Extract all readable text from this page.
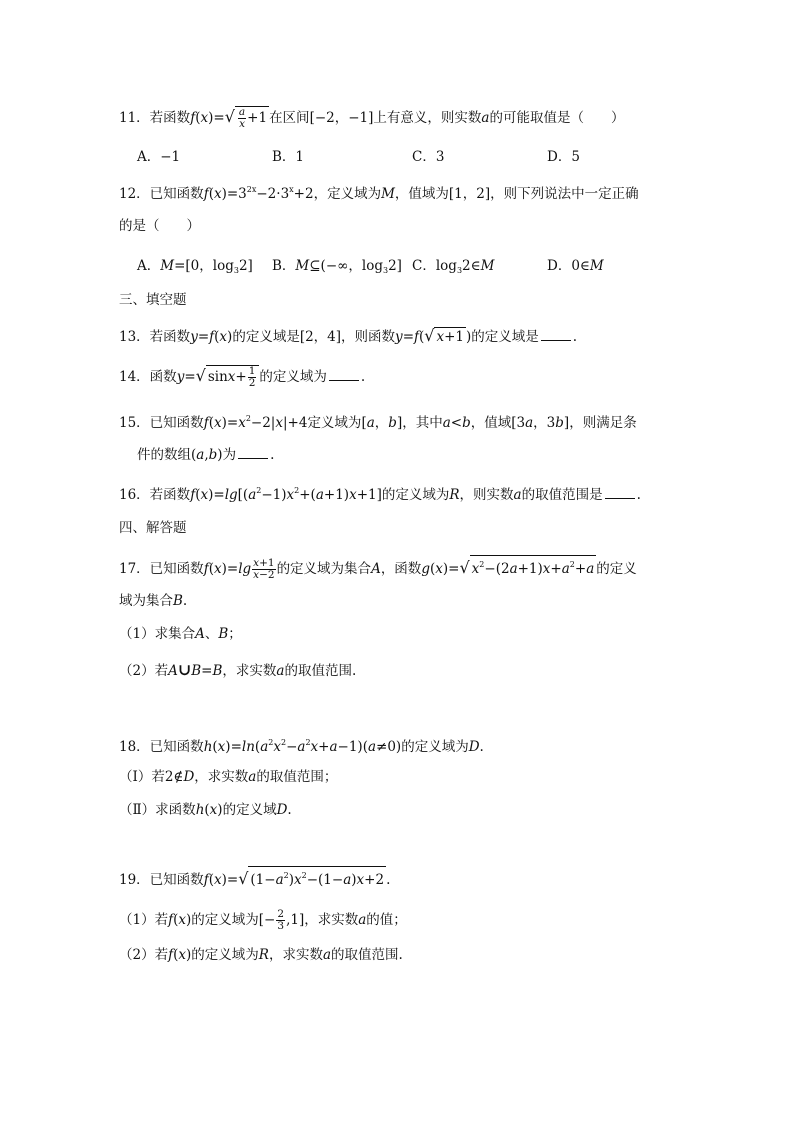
11．若函数$f(x)=√ \frac{a}{x} +1$ 在区间[−2，−1]上有意义，则实数a的可能取值是（　　）
A．−1	B．1	C．3	D．5
12．已知函数$f(x)=3^{2x}-2\cdot 3^x+2$，定义域为M，值域为[1，2]，则下列说法中一定正确
的是（　　）
A．M=[0，$\log_32$] B．M⊆(−∞，$\log_32$] C．$\log_32\in M$	D．0∈M
三、填空题
13．若函数y=f(x)的定义域是[2，4]，则函数y=f(√ x+1 )的定义域是	.
14．函数y=√ $\sin x+ \frac{1}{2}$ 的定义域为	.
15．已知函数$f(x)=x^2-2|x|+4$定义域为[a，b]，其中a<b，值域[3a，3b]，则满足条
件的数组(a,b)为	.
16．若函数$f(x)=\lg[(a^2-1)x^2+(a+1)x+1]$的定义域为R，则实数a的取值范围是	.
四、解答题
17．已知函数$f(x)=\lg \frac{x+1}{x-2}$ 的定义域为集合A，函数g(x)=√ $x^2-(2a+1)x+a^2+a$ 的定义
域为集合B.
（1）求集合A、B；
（2）若A∪B=B，求实数a的取值范围.
18．已知函数$h(x)=\ln(a^2x^2-a^2x+a-1)(a\ne 0)$的定义域为D.
（Ⅰ）若2∉D，求实数a的取值范围；
（Ⅱ）求函数h(x)的定义域D.
19．已知函数f(x)=√ $(1-a^2)x^2-(1-a)x+2$ .
（1）若f(x)的定义域为[− $\frac{2}{3} ,1$]，求实数a的值；
（2）若f(x)的定义域为R，求实数a的取值范围.
